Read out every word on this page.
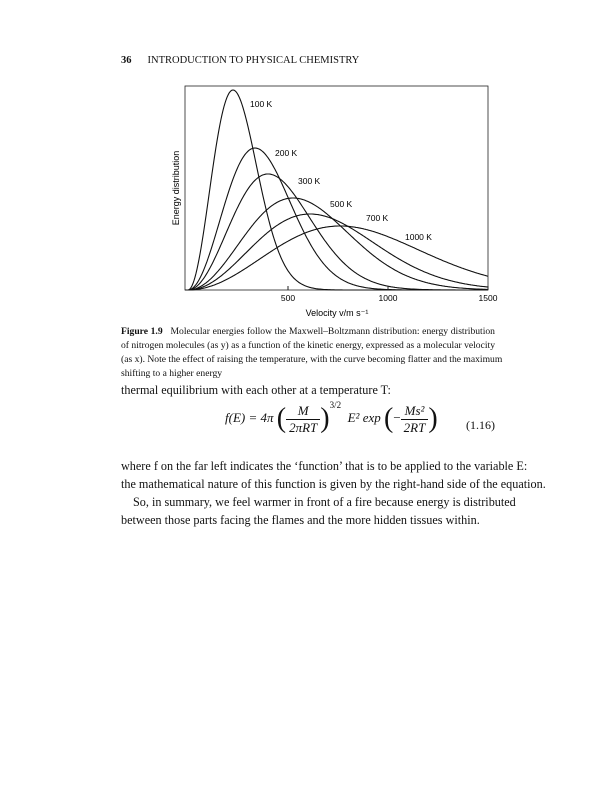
36 INTRODUCTION TO PHYSICAL CHEMISTRY
100 K
200 K
300 K
500 K
700 K
1000 K
500	1000	1500
Velocity v/m s⁻¹
Energy distribution
Figure 1.9 Molecular energies follow the Maxwell–Boltzmann distribution: energy distribution
of nitrogen molecules (as y) as a function of the kinetic energy, expressed as a molecular velocity
(as x). Note the effect of raising the temperature, with the curve becoming flatter and the maximum
shifting to a higher energy
thermal equilibrium with each other at a temperature T:
f(E) = 4π ( $\frac{M}{\text{2πRT}} )^{3/2}$  E² exp (− $\frac{\text{Ms²}}{2RT}$ ) (1.16)
where f on the far left indicates the ‘function’ that is to be applied to the variable E:
the mathematical nature of this function is given by the right-hand side of the equation.
So, in summary, we feel warmer in front of a fire because energy is distributed
between those parts facing the flames and the more hidden tissues within.
